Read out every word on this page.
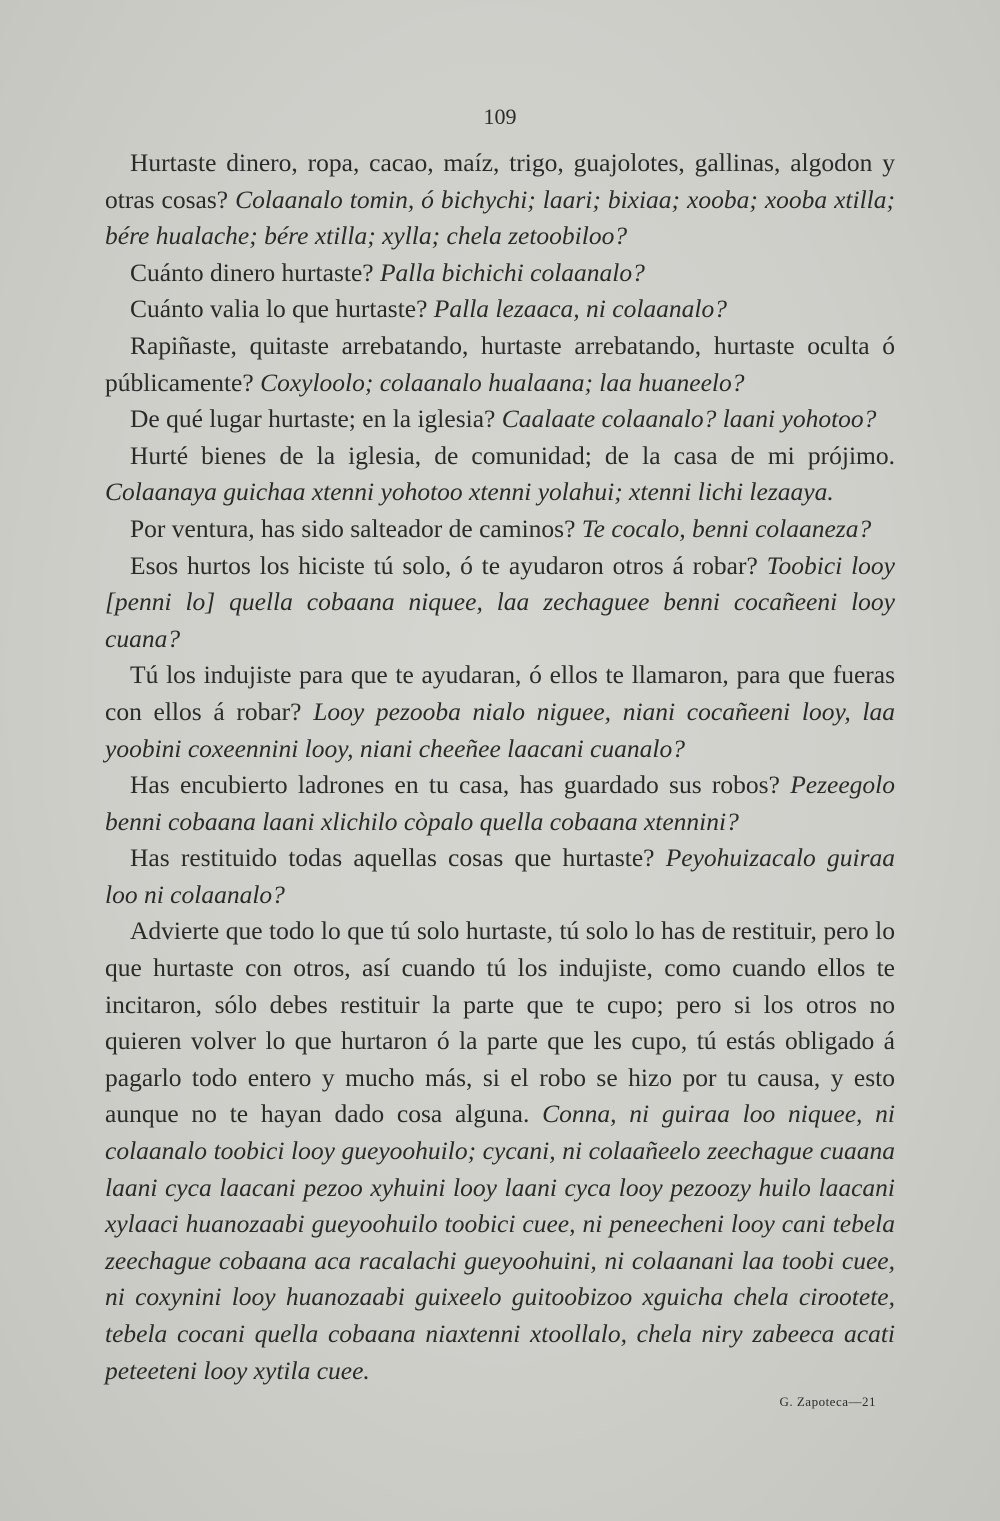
109

Hurtaste dinero, ropa, cacao, maíz, trigo, guajolotes, gallinas, algodon y otras cosas? Colaanalo tomin, ó bichychi; laari; bixiaa; xooba; xooba xtilla; bére hualache; bére xtilla; xylla; chela zetoobiloo?

Cuánto dinero hurtaste? Palla bichichi colaanalo?

Cuánto valia lo que hurtaste? Palla lezaaca, ni colaanalo?

Rapiñaste, quitaste arrebatando, hurtaste arrebatando, hurtaste oculta ó públicamente? Coxyloolo; colaanalo hualaana; laa huaneelo?

De qué lugar hurtaste; en la iglesia? Caalaate colaanalo? laani yohotoo?

Hurté bienes de la iglesia, de comunidad; de la casa de mi prójimo. Colaanaya guichaa xtenni yohotoo xtenni yolahui; xtenni lichi lezaaya.

Por ventura, has sido salteador de caminos? Te cocalo, benni colaaneza?

Esos hurtos los hiciste tú solo, ó te ayudaron otros á robar? Toobici looy [penni lo] quella cobaana niquee, laa zechaguee benni cocañeeni looy cuana?

Tú los indujiste para que te ayudaran, ó ellos te llamaron, para que fueras con ellos á robar? Looy pezooba nialo niguee, niani cocañeeni looy, laa yoobini coxeennini looy, niani cheeñee laacani cuanalo?

Has encubierto ladrones en tu casa, has guardado sus robos? Pezeegolo benni cobaana laani xlichilo còpalo quella cobaana xtennini?

Has restituido todas aquellas cosas que hurtaste? Peyohuizacalo guiraa loo ni colaanalo?

Advierte que todo lo que tú solo hurtaste, tú solo lo has de restituir, pero lo que hurtaste con otros, así cuando tú los indujiste, como cuando ellos te incitaron, sólo debes restituir la parte que te cupo; pero si los otros no quieren volver lo que hurtaron ó la parte que les cupo, tú estás obligado á pagarlo todo entero y mucho más, si el robo se hizo por tu causa, y esto aunque no te hayan dado cosa alguna. Conna, ni guiraa loo niquee, ni colaanalo toobici looy gueyoohuilo; cycani, ni colaañeelo zeechague cuaana laani cyca laacani pezoo xyhuini looy laani cyca looy pezoozy huilo laacani xylaaci huanozaabi gueyoohuilo toobici cuee, ni peneecheni looy cani tebela zeechague cobaana aca racalachi gueyoohuini, ni colaanani laa toobi cuee, ni coxynini looy huanozaabi guixeelo guitoobizoo xguicha chela cirootete, tebela cocani quella cobaana niaxtenni xtoollalo, chela niry zabeeca acati peteeteni looy xytila cuee.

G. Zapoteca—21
